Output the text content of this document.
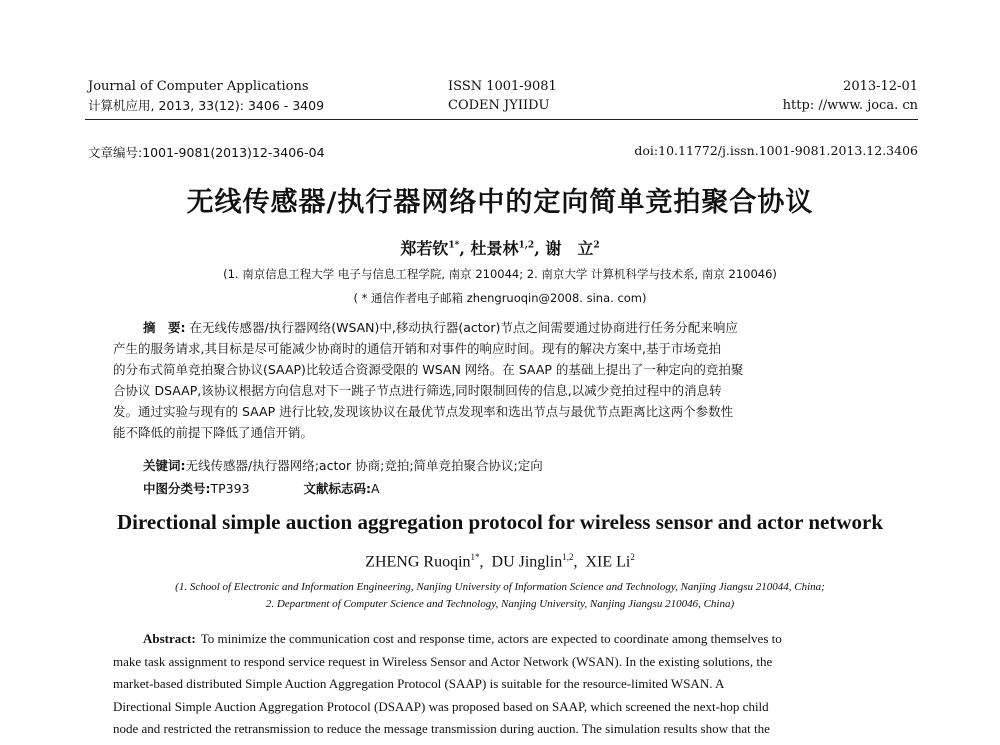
Journal of Computer Applications
计算机应用, 2013, 33(12): 3406 - 3409
ISSN 1001-9081
CODEN JYIIDU
2013-12-01
http: //www. joca. cn
文章编号:1001-9081(2013)12-3406-04	doi:10.11772/j.issn.1001-9081.2013.12.3406
无线传感器/执行器网络中的定向简单竞拍聚合协议
郑若钦$^{1*}$, 杜景林$^{1,2}$, 谢　立$^2$
(1. 南京信息工程大学 电子与信息工程学院, 南京 210044; 2. 南京大学 计算机科学与技术系, 南京 210046)
( * 通信作者电子邮箱 zhengruoqin@2008. sina. com)
摘　要: 在无线传感器/执行器网络(WSAN)中,移动执行器(actor)节点之间需要通过协商进行任务分配来响应
产生的服务请求,其目标是尽可能减少协商时的通信开销和对事件的响应时间。现有的解决方案中,基于市场竞拍
的分布式简单竞拍聚合协议(SAAP)比较适合资源受限的 WSAN 网络。在 SAAP 的基础上提出了一种定向的竞拍聚
合协议 DSAAP,该协议根据方向信息对下一跳子节点进行筛选,同时限制回传的信息,以减少竞拍过程中的消息转
发。通过实验与现有的 SAAP 进行比较,发现该协议在最优节点发现率和选出节点与最优节点距离比这两个参数性
能不降低的前提下降低了通信开销。
关键词:无线传感器/执行器网络;actor 协商;竞拍;简单竞拍聚合协议;定向
中图分类号:TP393	文献标志码:A
Directional simple auction aggregation protocol for wireless sensor and actor network
ZHENG Ruoqin$^{1*}$,  DU Jinglin$^{1,2}$,  XIE Li$^2$
(1. School of Electronic and Information Engineering, Nanjing University of Information Science and Technology, Nanjing Jiangsu 210044, China;
2. Department of Computer Science and Technology, Nanjing University, Nanjing Jiangsu 210046, China)
Abstract: To minimize the communication cost and response time, actors are expected to coordinate among themselves to
make task assignment to respond service request in Wireless Sensor and Actor Network (WSAN). In the existing solutions, the
market-based distributed Simple Auction Aggregation Protocol (SAAP) is suitable for the resource-limited WSAN. A
Directional Simple Auction Aggregation Protocol (DSAAP) was proposed based on SAAP, which screened the next-hop child
node and restricted the retransmission to reduce the message transmission during auction. The simulation results show that the
